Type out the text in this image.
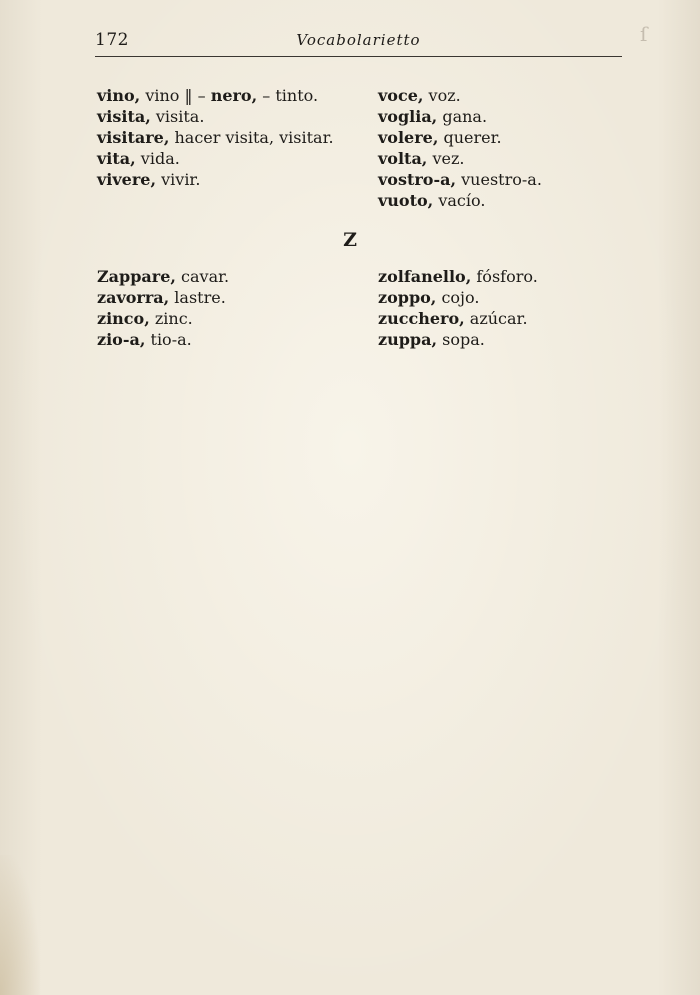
ſ
172	Vocabolarietto
vino, vino ‖ – nero, – tinto.
visita, visita.
visitare, hacer visita, visitar.
vita, vida.
vivere, vivir.
voce, voz.
voglia, gana.
volere, querer.
volta, vez.
vostro-a, vuestro-a.
vuoto, vacío.
Z
Zappare, cavar.
zavorra, lastre.
zinco, zinc.
zio-a, tio-a.
zolfanello, fósforo.
zoppo, cojo.
zucchero, azúcar.
zuppa, sopa.
